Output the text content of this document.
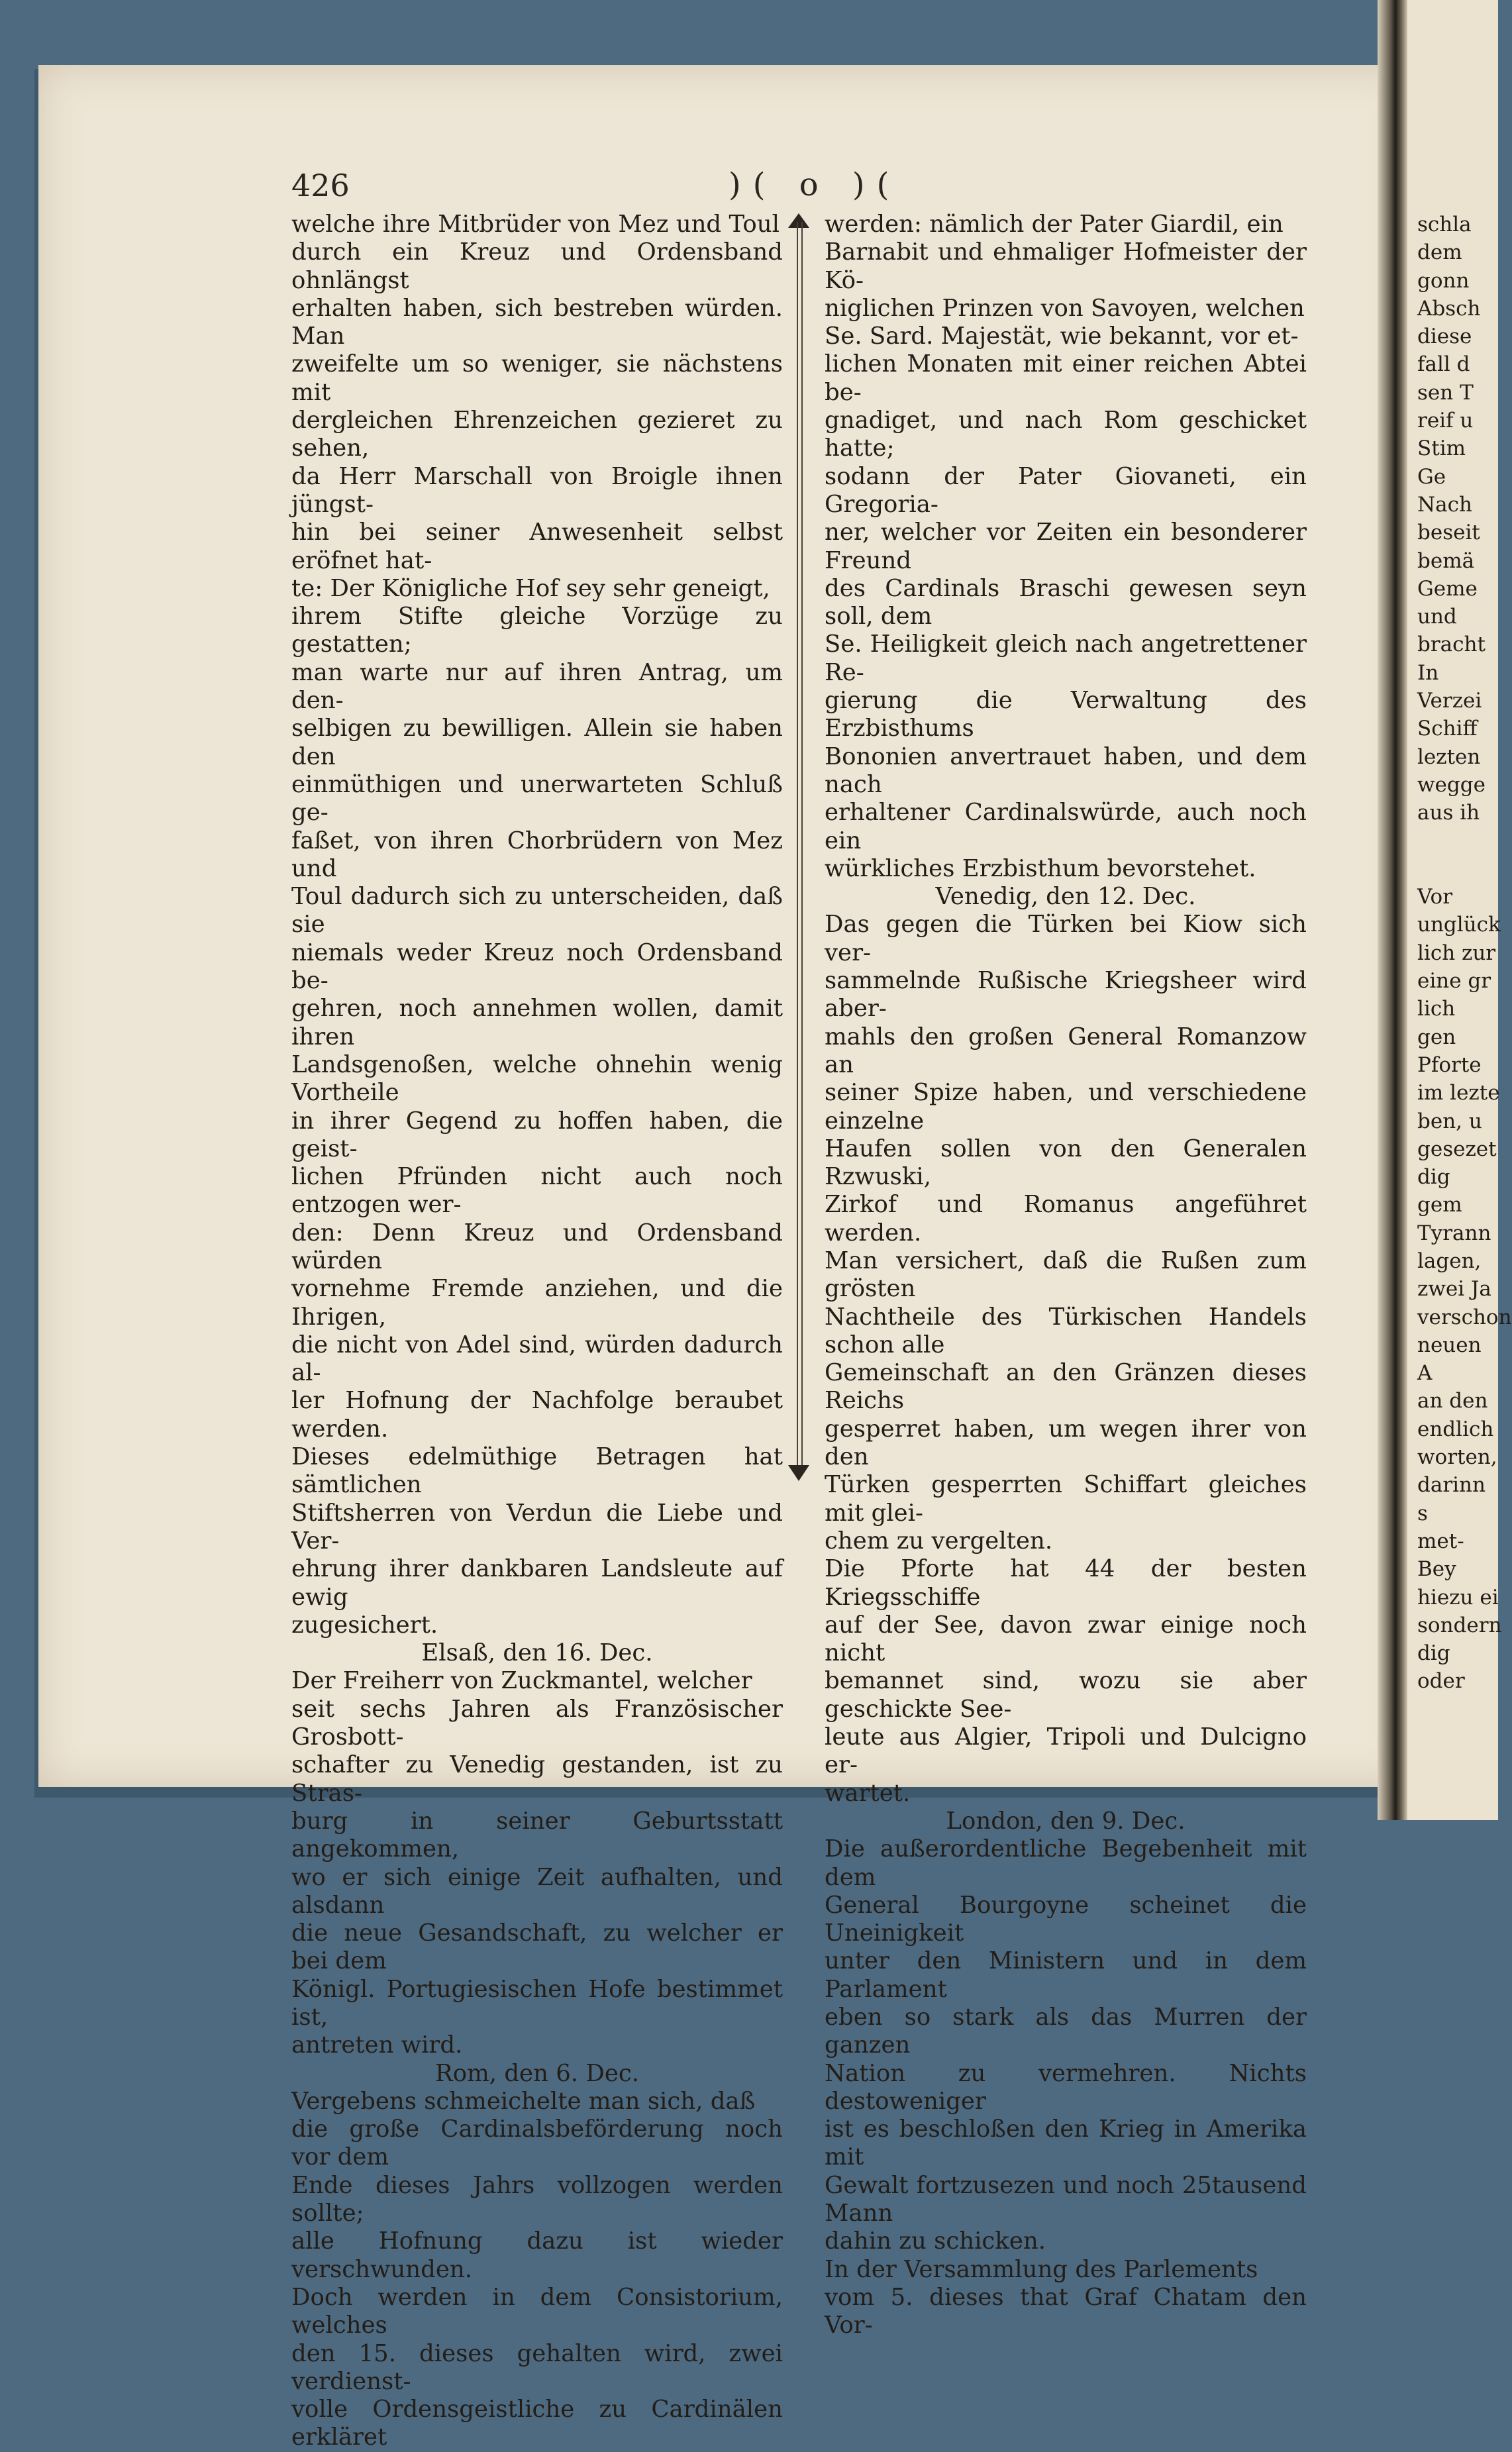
426	)( o )(

welche ihre Mitbrüder von Mez und Toul
durch ein Kreuz und Ordensband ohnlängst
erhalten haben, sich bestreben würden. Man
zweifelte um so weniger, sie nächstens mit
dergleichen Ehrenzeichen gezieret zu sehen,
da Herr Marschall von Broigle ihnen jüngst-
hin bei seiner Anwesenheit selbst eröfnet hat-
te: Der Königliche Hof sey sehr geneigt,
ihrem Stifte gleiche Vorzüge zu gestatten;
man warte nur auf ihren Antrag, um den-
selbigen zu bewilligen. Allein sie haben den
einmüthigen und unerwarteten Schluß ge-
faßet, von ihren Chorbrüdern von Mez und
Toul dadurch sich zu unterscheiden, daß sie
niemals weder Kreuz noch Ordensband be-
gehren, noch annehmen wollen, damit ihren
Landsgenoßen, welche ohnehin wenig Vortheile
in ihrer Gegend zu hoffen haben, die geist-
lichen Pfründen nicht auch noch entzogen wer-
den: Denn Kreuz und Ordensband würden
vornehme Fremde anziehen, und die Ihrigen,
die nicht von Adel sind, würden dadurch al-
ler Hofnung der Nachfolge beraubet werden.
Dieses edelmüthige Betragen hat sämtlichen
Stiftsherren von Verdun die Liebe und Ver-
ehrung ihrer dankbaren Landsleute auf ewig
zugesichert.

Elsaß, den 16. Dec.

Der Freiherr von Zuckmantel, welcher
seit sechs Jahren als Französischer Grosbott-
schafter zu Venedig gestanden, ist zu Stras-
burg in seiner Geburtsstatt angekommen,
wo er sich einige Zeit aufhalten, und alsdann
die neue Gesandschaft, zu welcher er bei dem
Königl. Portugiesischen Hofe bestimmet ist,
antreten wird.

Rom, den 6. Dec.

Vergebens schmeichelte man sich, daß
die große Cardinalsbeförderung noch vor dem
Ende dieses Jahrs vollzogen werden sollte;
alle Hofnung dazu ist wieder verschwunden.
Doch werden in dem Consistorium, welches
den 15. dieses gehalten wird, zwei verdienst-
volle Ordensgeistliche zu Cardinälen erkläret

werden: nämlich der Pater Giardil, ein
Barnabit und ehmaliger Hofmeister der Kö-
niglichen Prinzen von Savoyen, welchen
Se. Sard. Majestät, wie bekannt, vor et-
lichen Monaten mit einer reichen Abtei be-
gnadiget, und nach Rom geschicket hatte;
sodann der Pater Giovaneti, ein Gregoria-
ner, welcher vor Zeiten ein besonderer Freund
des Cardinals Braschi gewesen seyn soll, dem
Se. Heiligkeit gleich nach angetrettener Re-
gierung die Verwaltung des Erzbisthums
Bononien anvertrauet haben, und dem nach
erhaltener Cardinalswürde, auch noch ein
würkliches Erzbisthum bevorstehet.

Venedig, den 12. Dec.

Das gegen die Türken bei Kiow sich ver-
sammelnde Rußische Kriegsheer wird aber-
mahls den großen General Romanzow an
seiner Spize haben, und verschiedene einzelne
Haufen sollen von den Generalen Rzwuski,
Zirkof und Romanus angeführet werden.
Man versichert, daß die Rußen zum grösten
Nachtheile des Türkischen Handels schon alle
Gemeinschaft an den Gränzen dieses Reichs
gesperret haben, um wegen ihrer von den
Türken gesperrten Schiffart gleiches mit glei-
chem zu vergelten.

Die Pforte hat 44 der besten Kriegsschiffe
auf der See, davon zwar einige noch nicht
bemannet sind, wozu sie aber geschickte See-
leute aus Algier, Tripoli und Dulcigno er-
wartet.

London, den 9. Dec.

Die außerordentliche Begebenheit mit dem
General Bourgoyne scheinet die Uneinigkeit
unter den Ministern und in dem Parlament
eben so stark als das Murren der ganzen
Nation zu vermehren. Nichts destoweniger
ist es beschloßen den Krieg in Amerika mit
Gewalt fortzusezen und noch 25tausend Mann
dahin zu schicken.

In der Versammlung des Parlements
vom 5. dieses that Graf Chatam den Vor-

schla
dem
gonn
Absch
diese
fall d
sen T
reif u
Stim
Ge
Nach
beseit
bemä
Geme
und
bracht
In
Verzei
Schiff
lezten
wegge
aus ih

Vor
unglück
lich zur
eine gr
lich gen
Pforte
im lezte
ben, u
gesezet
dig gem
Tyrann
lagen,
zwei Ja
verschon
neuen A
an den
endlich
worten,
darinn s
met-Bey
hiezu ei
sondern
dig oder
